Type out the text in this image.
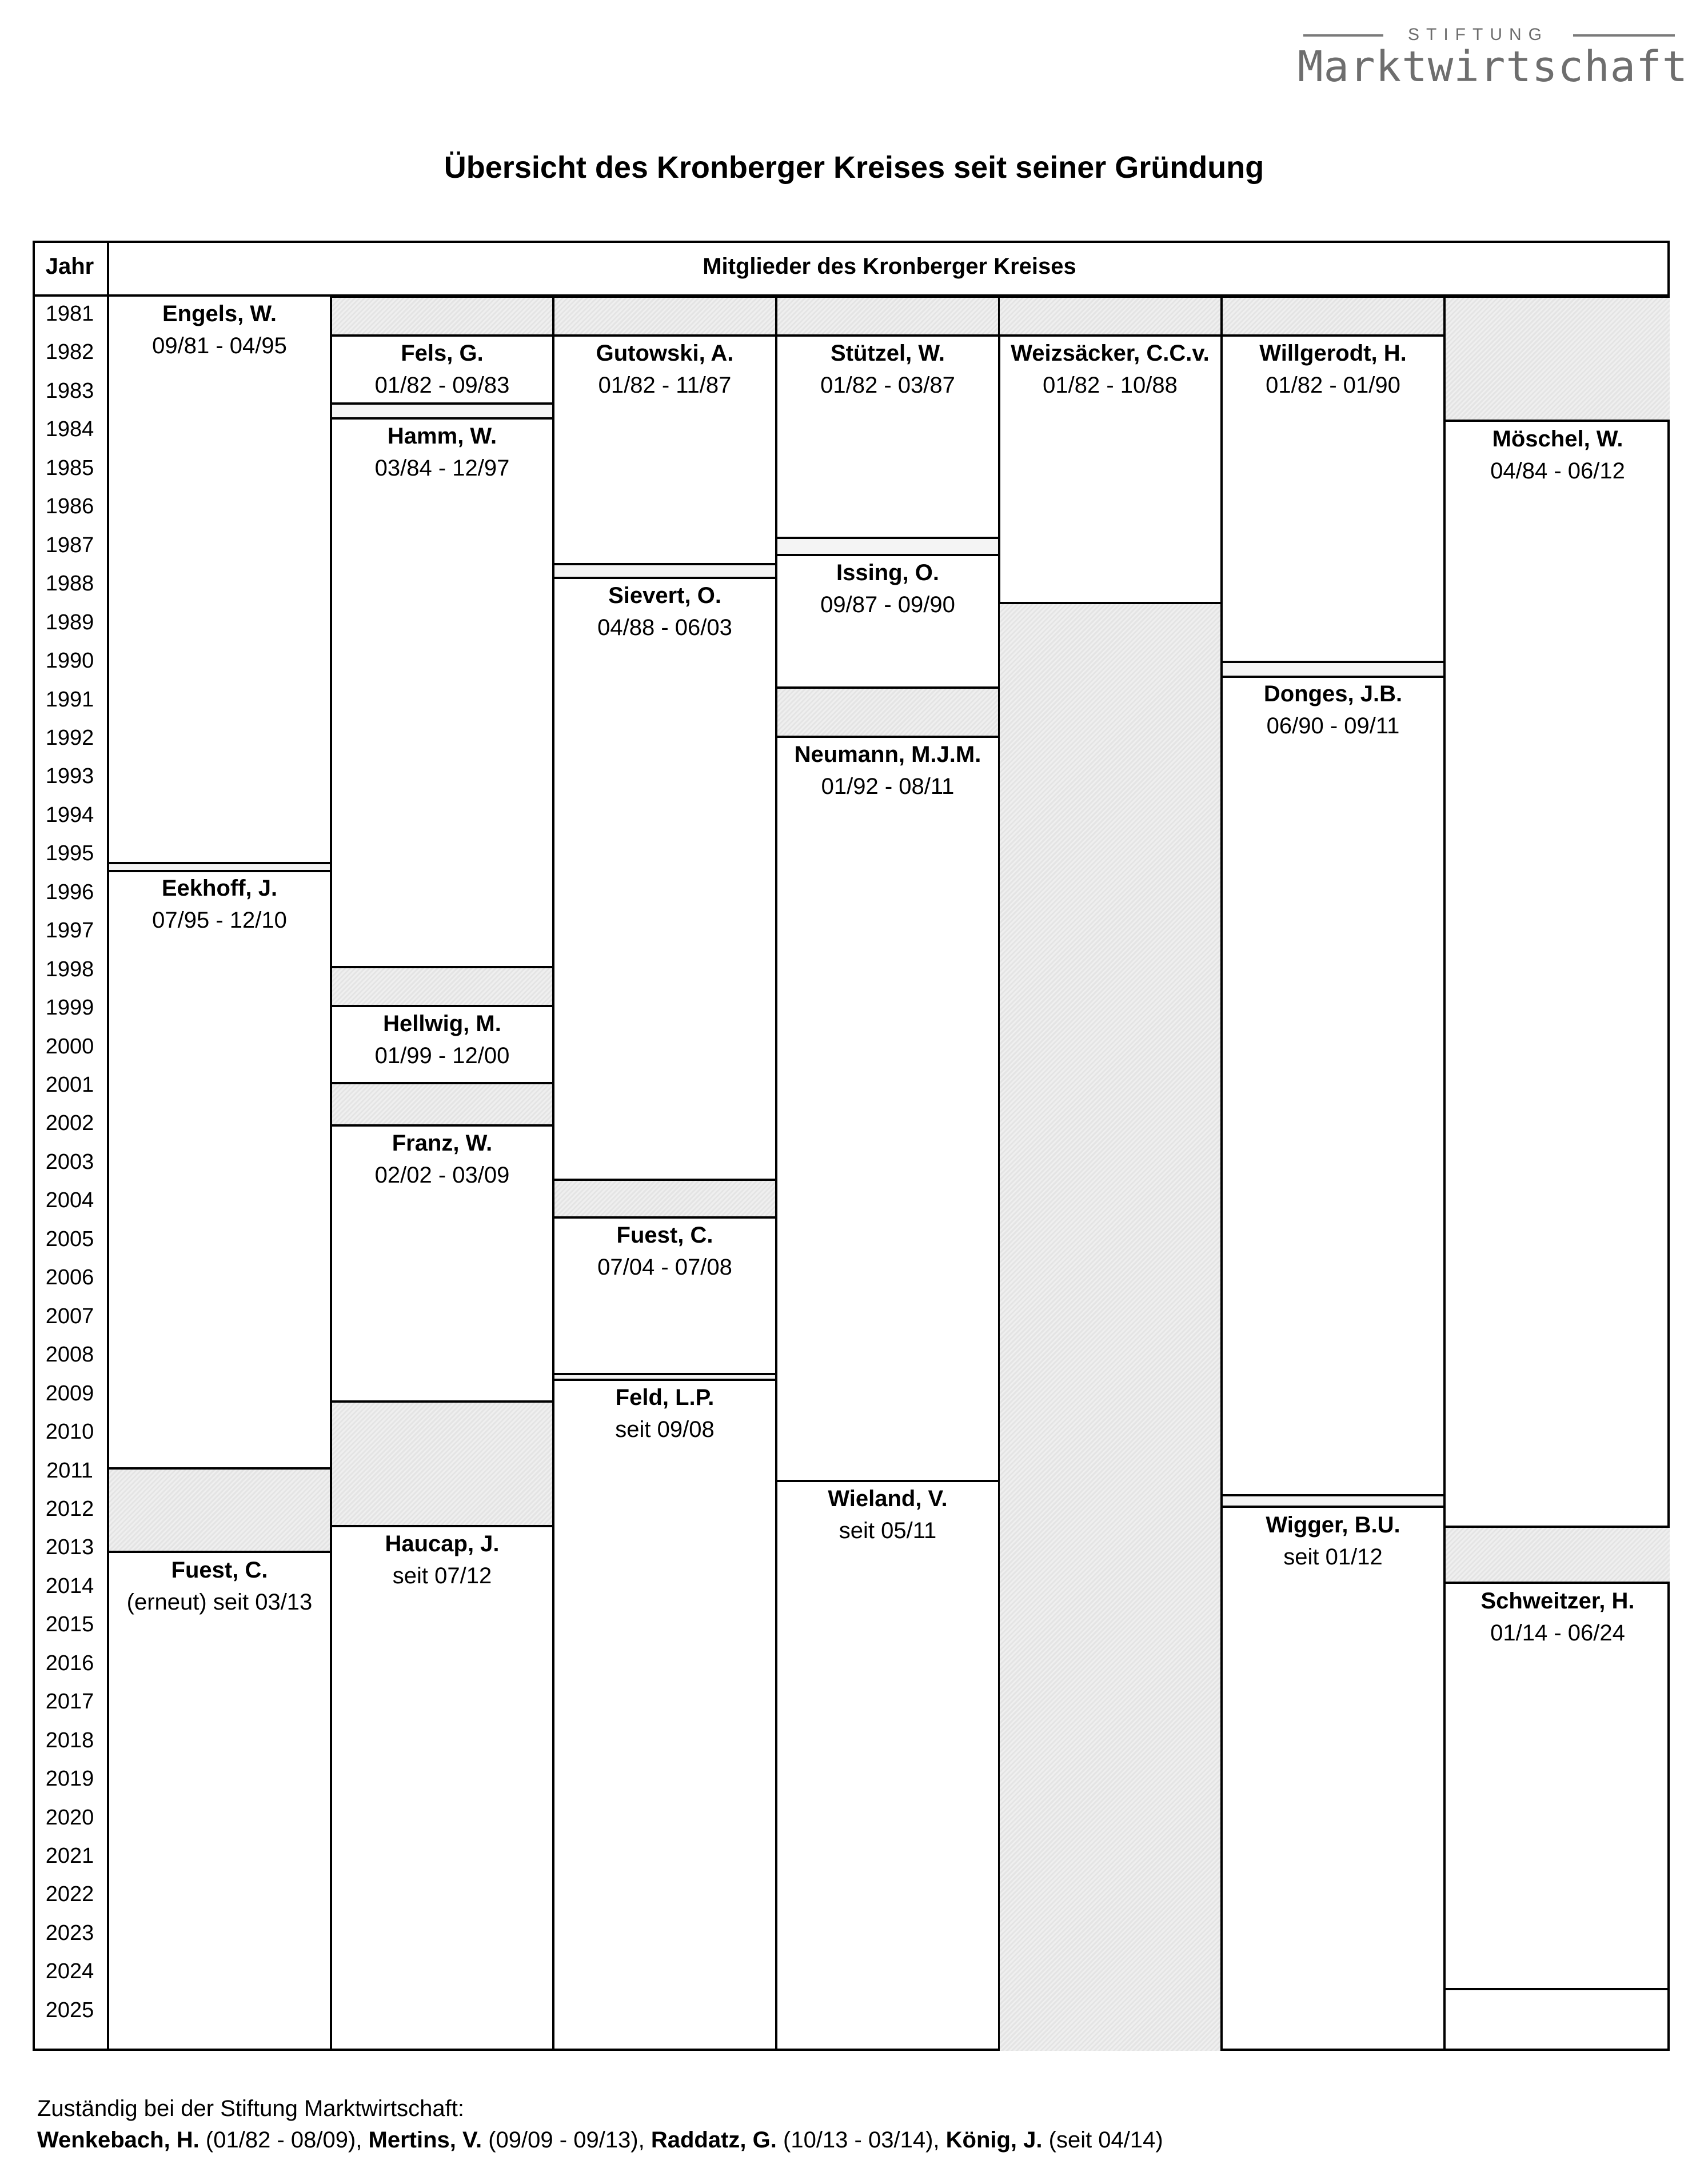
STIFTUNG
Marktwirtschaft
Übersicht des Kronberger Kreises seit seiner Gründung
Jahr	Mitglieder des Kronberger Kreises
1981
1982
1983
1984
1985
1986
1987
1988
1989
1990
1991
1992
1993
1994
1995
1996
1997
1998
1999
2000
2001
2002
2003
2004
2005
2006
2007
2008
2009
2010
2011
2012
2013
2014
2015
2016
2017
2018
2019
2020
2021
2022
2023
2024
2025
Engels, W.
09/81 - 04/95
Eekhoff, J.
07/95 - 12/10
Fuest, C.
(erneut) seit 03/13
Fels, G.
01/82 - 09/83
Hamm, W.
03/84 - 12/97
Hellwig, M.
01/99 - 12/00
Franz, W.
02/02 - 03/09
Haucap, J.
seit 07/12
Gutowski, A.
01/82 - 11/87
Sievert, O.
04/88 - 06/03
Fuest, C.
07/04 - 07/08
Feld, L.P.
seit 09/08
Stützel, W.
01/82 - 03/87
Issing, O.
09/87 - 09/90
Neumann, M.J.M.
01/92 - 08/11
Wieland, V.
seit 05/11
Weizsäcker, C.C.v.
01/82 - 10/88
Willgerodt, H.
01/82 - 01/90
Donges, J.B.
06/90 - 09/11
Wigger, B.U.
seit 01/12
Möschel, W.
04/84 - 06/12
Schweitzer, H.
01/14 - 06/24
Zuständig bei der Stiftung Marktwirtschaft:
Wenkebach, H. (01/82 - 08/09), Mertins, V. (09/09 - 09/13), Raddatz, G. (10/13 - 03/14), König, J. (seit 04/14)
